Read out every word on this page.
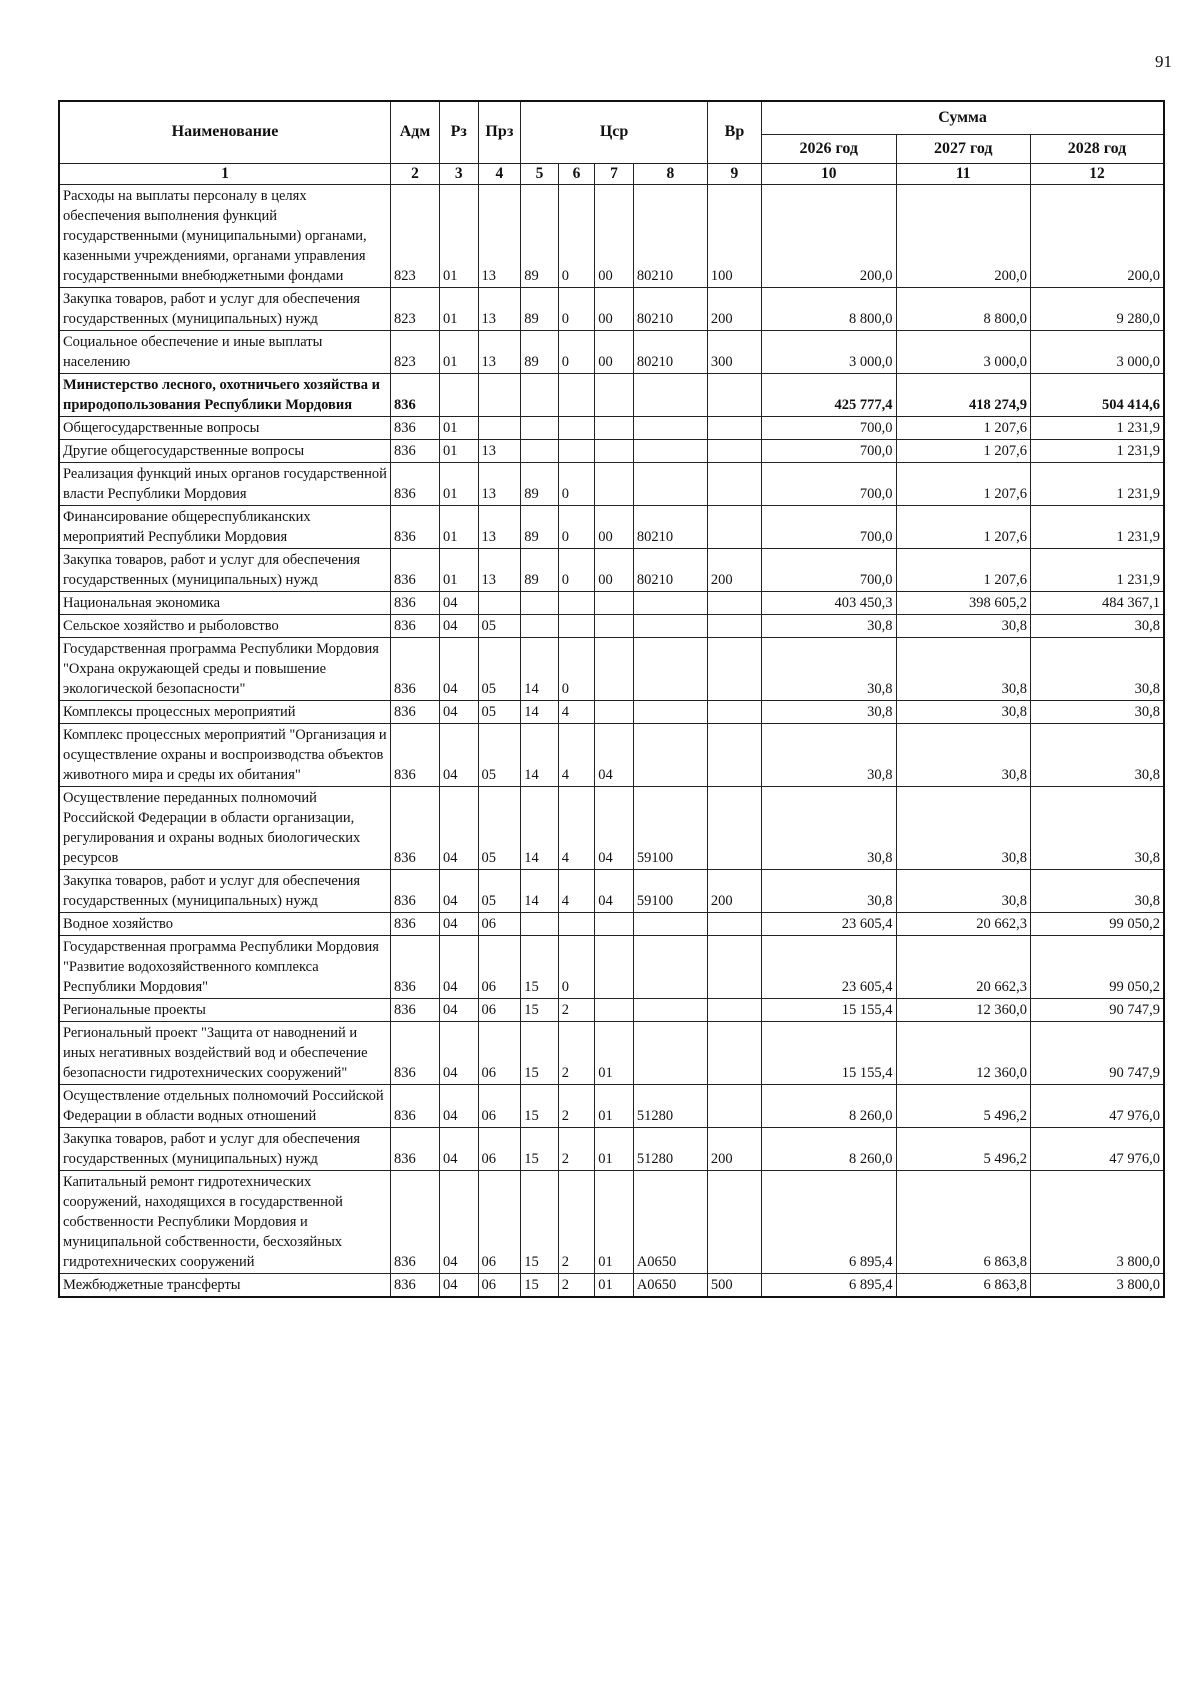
91
Наименование	Адм	Рз	Прз	Цср				Вр	Сумма		
									2026 год	2027 год	2028 год
1	2	3	4	5	6	7	8	9	10	11	12
Расходы на выплаты персоналу в целях обеспечения выполнения функций государственными (муниципальными) органами, казенными учреждениями, органами управления государственными внебюджетными фондами	823	01	13	89	0	00	80210	100	200,0	200,0	200,0
Закупка товаров, работ и услуг для обеспечения государственных (муниципальных) нужд	823	01	13	89	0	00	80210	200	8 800,0	8 800,0	9 280,0
Социальное обеспечение и иные выплаты населению	823	01	13	89	0	00	80210	300	3 000,0	3 000,0	3 000,0
Министерство лесного, охотничьего хозяйства и природопользования Республики Мордовия	836								425 777,4	418 274,9	504 414,6
Общегосударственные вопросы	836	01							700,0	1 207,6	1 231,9
Другие общегосударственные вопросы	836	01	13						700,0	1 207,6	1 231,9
Реализация функций иных органов государственной власти Республики Мордовия	836	01	13	89	0				700,0	1 207,6	1 231,9
Финансирование общереспубликанских мероприятий Республики Мордовия	836	01	13	89	0	00	80210		700,0	1 207,6	1 231,9
Закупка товаров, работ и услуг для обеспечения государственных (муниципальных) нужд	836	01	13	89	0	00	80210	200	700,0	1 207,6	1 231,9
Национальная экономика	836	04							403 450,3	398 605,2	484 367,1
Сельское хозяйство и рыболовство	836	04	05						30,8	30,8	30,8
Государственная программа Республики Мордовия "Охрана окружающей среды и повышение экологической безопасности"	836	04	05	14	0				30,8	30,8	30,8
Комплексы процессных мероприятий	836	04	05	14	4				30,8	30,8	30,8
Комплекс процессных мероприятий "Организация и осуществление охраны и воспроизводства объектов животного мира и среды их обитания"	836	04	05	14	4	04			30,8	30,8	30,8
Осуществление переданных полномочий Российской Федерации в области организации, регулирования и охраны водных биологических ресурсов	836	04	05	14	4	04	59100		30,8	30,8	30,8
Закупка товаров, работ и услуг для обеспечения государственных (муниципальных) нужд	836	04	05	14	4	04	59100	200	30,8	30,8	30,8
Водное хозяйство	836	04	06						23 605,4	20 662,3	99 050,2
Государственная программа Республики Мордовия "Развитие водохозяйственного комплекса Республики Мордовия"	836	04	06	15	0				23 605,4	20 662,3	99 050,2
Региональные проекты	836	04	06	15	2				15 155,4	12 360,0	90 747,9
Региональный проект "Защита от наводнений и иных негативных воздействий вод и обеспечение безопасности гидротехнических сооружений"	836	04	06	15	2	01			15 155,4	12 360,0	90 747,9
Осуществление отдельных полномочий Российской Федерации в области водных отношений	836	04	06	15	2	01	51280		8 260,0	5 496,2	47 976,0
Закупка товаров, работ и услуг для обеспечения государственных (муниципальных) нужд	836	04	06	15	2	01	51280	200	8 260,0	5 496,2	47 976,0
Капитальный ремонт гидротехнических сооружений, находящихся в государственной собственности Республики Мордовия и муниципальной собственности, бесхозяйных гидротехнических сооружений	836	04	06	15	2	01	А0650		6 895,4	6 863,8	3 800,0
Межбюджетные трансферты	836	04	06	15	2	01	А0650	500	6 895,4	6 863,8	3 800,0
